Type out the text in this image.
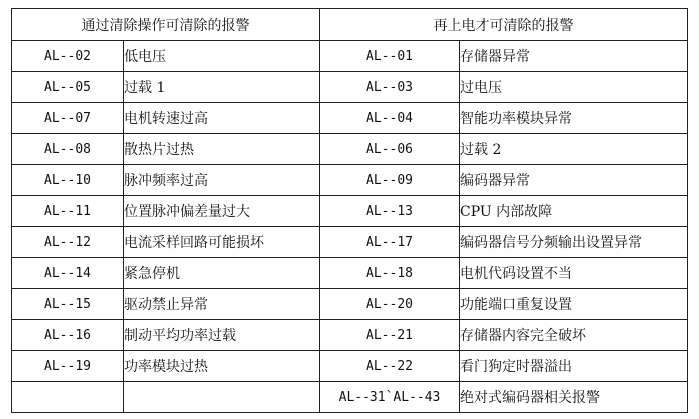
通过清除操作可清除的报警		再上电才可清除的报警	
AL--02	低电压	AL--01	存储器异常
AL--05	过载 1	AL--03	过电压
AL--07	电机转速过高	AL--04	智能功率模块异常
AL--08	散热片过热	AL--06	过载 2
AL--10	脉冲频率过高	AL--09	编码器异常
AL--11	位置脉冲偏差量过大	AL--13	CPU 内部故障
AL--12	电流采样回路可能损坏	AL--17	编码器信号分频输出设置异常
AL--14	紧急停机	AL--18	电机代码设置不当
AL--15	驱动禁止异常	AL--20	功能端口重复设置
AL--16	制动平均功率过载	AL--21	存储器内容完全破坏
AL--19	功率模块过热	AL--22	看门狗定时器溢出
		AL--31`AL--43	绝对式编码器相关报警
